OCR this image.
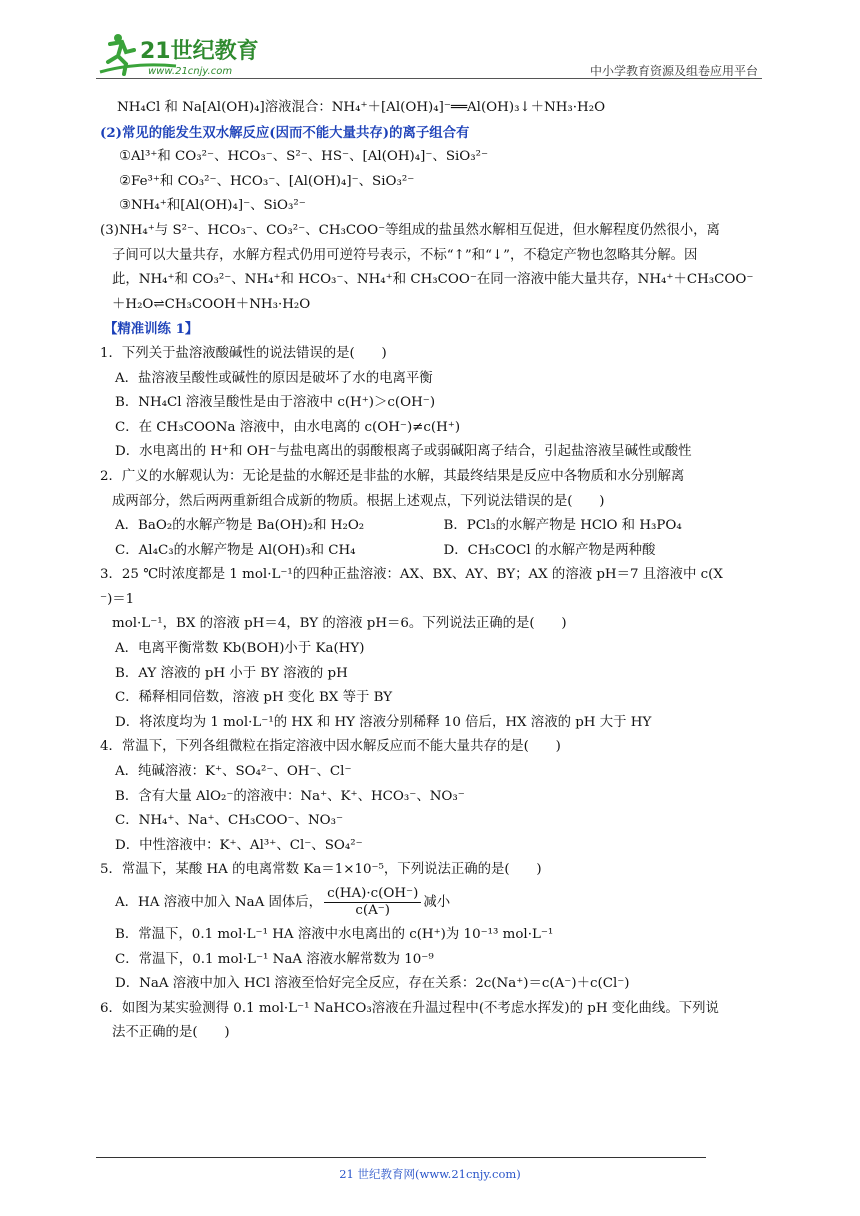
21世纪教育
www.21cnjy.com	中小学教育资源及组卷应用平台
NH₄Cl 和 Na[Al(OH)₄]溶液混合：NH₄⁺＋[Al(OH)₄]⁻══Al(OH)₃↓＋NH₃·H₂O
(2)常见的能发生双水解反应(因而不能大量共存)的离子组合有
①Al³⁺和 CO₃²⁻、HCO₃⁻、S²⁻、HS⁻、[Al(OH)₄]⁻、SiO₃²⁻
②Fe³⁺和 CO₃²⁻、HCO₃⁻、[Al(OH)₄]⁻、SiO₃²⁻
③NH₄⁺和[Al(OH)₄]⁻、SiO₃²⁻
(3)NH₄⁺与 S²⁻、HCO₃⁻、CO₃²⁻、CH₃COO⁻等组成的盐虽然水解相互促进，但水解程度仍然很小，离
子间可以大量共存，水解方程式仍用可逆符号表示，不标“↑”和“↓”，不稳定产物也忽略其分解。因
此，NH₄⁺和 CO₃²⁻、NH₄⁺和 HCO₃⁻、NH₄⁺和 CH₃COO⁻在同一溶液中能大量共存，NH₄⁺＋CH₃COO⁻
＋H₂O⇌CH₃COOH＋NH₃·H₂O
【精准训练 1】
1．下列关于盐溶液酸碱性的说法错误的是(　　)
A．盐溶液呈酸性或碱性的原因是破坏了水的电离平衡
B．NH₄Cl 溶液呈酸性是由于溶液中 c(H⁺)＞c(OH⁻)
C．在 CH₃COONa 溶液中，由水电离的 c(OH⁻)≠c(H⁺)
D．水电离出的 H⁺和 OH⁻与盐电离出的弱酸根离子或弱碱阳离子结合，引起盐溶液呈碱性或酸性
2．广义的水解观认为：无论是盐的水解还是非盐的水解，其最终结果是反应中各物质和水分别解离
成两部分，然后两两重新组合成新的物质。根据上述观点，下列说法错误的是(　　)
A．BaO₂的水解产物是 Ba(OH)₂和 H₂O₂	B．PCl₃的水解产物是 HClO 和 H₃PO₄
C．Al₄C₃的水解产物是 Al(OH)₃和 CH₄	D．CH₃COCl 的水解产物是两种酸
3．25 ℃时浓度都是 1 mol·L⁻¹的四种正盐溶液：AX、BX、AY、BY；AX 的溶液 pH＝7 且溶液中 c(X
⁻)＝1
mol·L⁻¹，BX 的溶液 pH＝4，BY 的溶液 pH＝6。下列说法正确的是(　　)
A．电离平衡常数 Kb(BOH)小于 Ka(HY)
B．AY 溶液的 pH 小于 BY 溶液的 pH
C．稀释相同倍数，溶液 pH 变化 BX 等于 BY
D．将浓度均为 1 mol·L⁻¹的 HX 和 HY 溶液分别稀释 10 倍后，HX 溶液的 pH 大于 HY
4．常温下，下列各组微粒在指定溶液中因水解反应而不能大量共存的是(　　)
A．纯碱溶液：K⁺、SO₄²⁻、OH⁻、Cl⁻
B．含有大量 AlO₂⁻的溶液中：Na⁺、K⁺、HCO₃⁻、NO₃⁻
C．NH₄⁺、Na⁺、CH₃COO⁻、NO₃⁻
D．中性溶液中：K⁺、Al³⁺、Cl⁻、SO₄²⁻
5．常温下，某酸 HA 的电离常数 Ka＝1×10⁻⁵，下列说法正确的是(　　)
A．HA 溶液中加入 NaA 固体后， $\frac{c(HA)\cdot c(OH^-)}{c(A^-)}$ 减小
B．常温下，0.1 mol·L⁻¹ HA 溶液中水电离出的 c(H⁺)为 10⁻¹³ mol·L⁻¹
C．常温下，0.1 mol·L⁻¹ NaA 溶液水解常数为 10⁻⁹
D．NaA 溶液中加入 HCl 溶液至恰好完全反应，存在关系：2c(Na⁺)＝c(A⁻)＋c(Cl⁻)
6．如图为某实验测得 0.1 mol·L⁻¹ NaHCO₃溶液在升温过程中(不考虑水挥发)的 pH 变化曲线。下列说
法不正确的是(　　)
21 世纪教育网(www.21cnjy.com)
